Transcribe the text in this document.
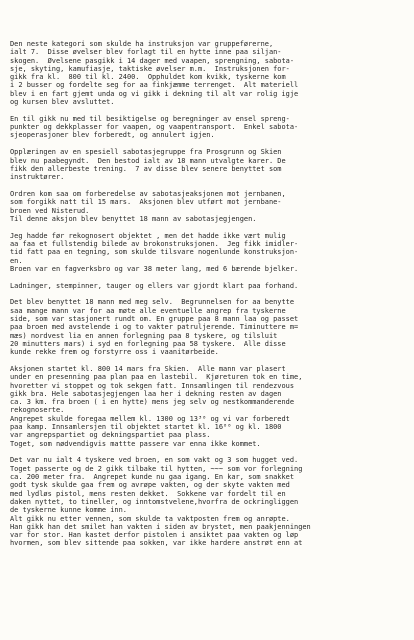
Den neste kategori som skulde ha instruksjon var gruppeførerne,
ialt 7.  Disse øvelser blev forlagt til en hytte inne paa siljan-
skogen.  Øvelsene pasgikk i 14 dager med vaapen, sprengning, sabota-
sje, skyting, kamufiasje, taktiske øvelser m.m.  Instruksjonen for-
gikk fra kl.  800 til kl. 2400.  Opphuldet kom kvikk, tyskerne kom
i 2 busser og fordelte seg for aa finkjæmme terrenget.  Alt materiell
blev i en fart gjemt unda og vi gikk i dekning til alt var rolig igje
og kursen blev avsluttet.
En til gikk nu med til besiktigelse og beregninger av ensel spreng-
punkter og dekkplasser for vaapen, og vaapentransport.  Enkel sabota-
sjeoperasjoner blev forberedt, og annulert igjen.
Opplæringen av en spesiell sabotasjegruppe fra Prosgrunn og Skien
blev nu paabegyndt.  Den bestod ialt av 18 mann utvalgte karer. De
fikk den allerbeste trening.  7 av disse blev senere benyttet som
instruktører.
Ordren kom saa om forberedelse av sabotasjeaksjonen mot jernbanen,
som forgikk natt til 15 mars.  Aksjonen blev utført mot jernbane-
broen ved Nisterud.
Til denne aksjon blev benyttet 18 mann av sabotasjegjengen.
Jeg hadde før rekognosert objektet , men det hadde ikke vært mulig
aa faa et fullstendig bilede av brokonstruksjonen.  Jeg fikk imidler-
tid fatt paa en tegning, som skulde tilsvare nogenlunde konstruksjon-
en.
Broen var en fagverksbro og var 38 meter lang, med 6 bærende bjelker.
Ladninger, stempinner, tauger og ellers var gjordt klart paa forhand.
Det blev benyttet 18 mann med meg selv.  Begrunnelsen for aa benytte
saa mange mann var for aa møte alle eventuelle angrep fra tyskerne
side, som var stasjonert rundt om. En gruppe paa 8 mann laa og passet
paa broen med avstelende i og to vakter patruljerende. Timinuttere m=
mæs) nordvest lia en annen forlegning paa 8 tyskere, og tilsluit
20 minutters mars) i syd en forlegning paa 58 tyskere.  Alle disse
kunde rekke frem og forstyrre oss i vaanitørbeide.
Aksjonen startet kl. 800 14 mars fra Skien.  Alle mann var plasert
under en presenning paa plan paa en lastebil.  Kjøreturen tok en time,
hvoretter vi stoppet og tok sekgen fatt. Innsamlingen til rendezvous
gikk bra. Hele sabotasjegjengen laa her i dekning resten av dagen
ca. 3 km. fra broen ( i en hytte) mens jeg selv og nestkommanderende
rekognoserte.
Angrepet skulde foregaa mellem kl. 1300 og 13³⁰ og vi var forberedt
paa kamp. Innsamlersjen til objektet startet kl. 16⁰⁰ og kl. 1800
var angrepspartiet og dekningspartiet paa plass.
Toget, som nødvendigvis mattte passere var enna ikke kommet.
Det var nu ialt 4 tyskere ved broen, en som vakt og 3 som hugget ved.
Toget passerte og de 2 gikk tilbake til hytten, ~~~ som vor forlegning
ca. 200 meter fra.  Angrepet kunde nu gaa igang. En kar, som snakket
godt tysk skulde gaa frem og avrøpe vakten, og der skyte vakten med
med lydløs pistol, mens resten dekket.  Sokkene var fordelt til en
daken nyttet, to tineller, og inntomstvelene,hvorfra de ockringliggen
de tyskerne kunne komme inn.
Alt gikk nu etter vennen, som skulde ta vaktposten frem og anrøpte.
Han gikk han det smilet han vakten i siden av brystet, men paakjenningen
var for stor. Han kastet derfor pistolen i ansiktet paa vakten og løp
hvormen, som blev sittende paa sokken, var ikke hardere anstrøt enn at
